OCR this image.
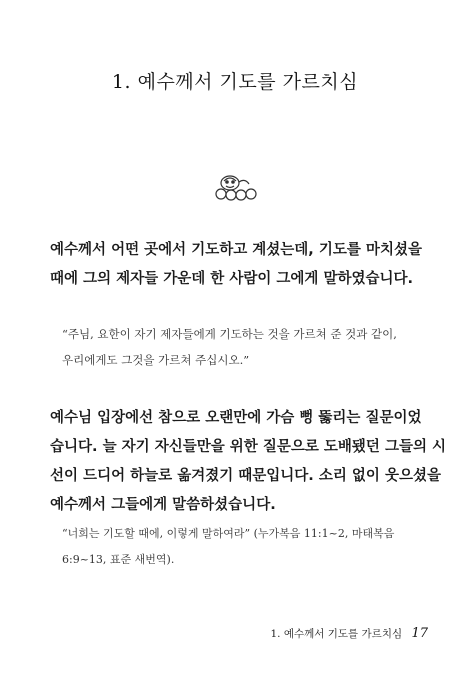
1. 예수께서 기도를 가르치심
예수께서 어떤 곳에서 기도하고 계셨는데, 기도를 마치셨을
때에 그의 제자들 가운데 한 사람이 그에게 말하였습니다.
“주님, 요한이 자기 제자들에게 기도하는 것을 가르쳐 준 것과 같이,
우리에게도 그것을 가르쳐 주십시오.”
예수님 입장에선 참으로 오랜만에 가슴 뻥 뚫리는 질문이었
습니다. 늘 자기 자신들만을 위한 질문으로 도배됐던 그들의 시
선이 드디어 하늘로 옮겨졌기 때문입니다. 소리 없이 웃으셨을
예수께서 그들에게 말씀하셨습니다.
“너희는 기도할 때에, 이렇게 말하여라” (누가복음 11:1~2, 마태복음
6:9~13, 표준 새번역).
1. 예수께서 기도를 가르치심 17
